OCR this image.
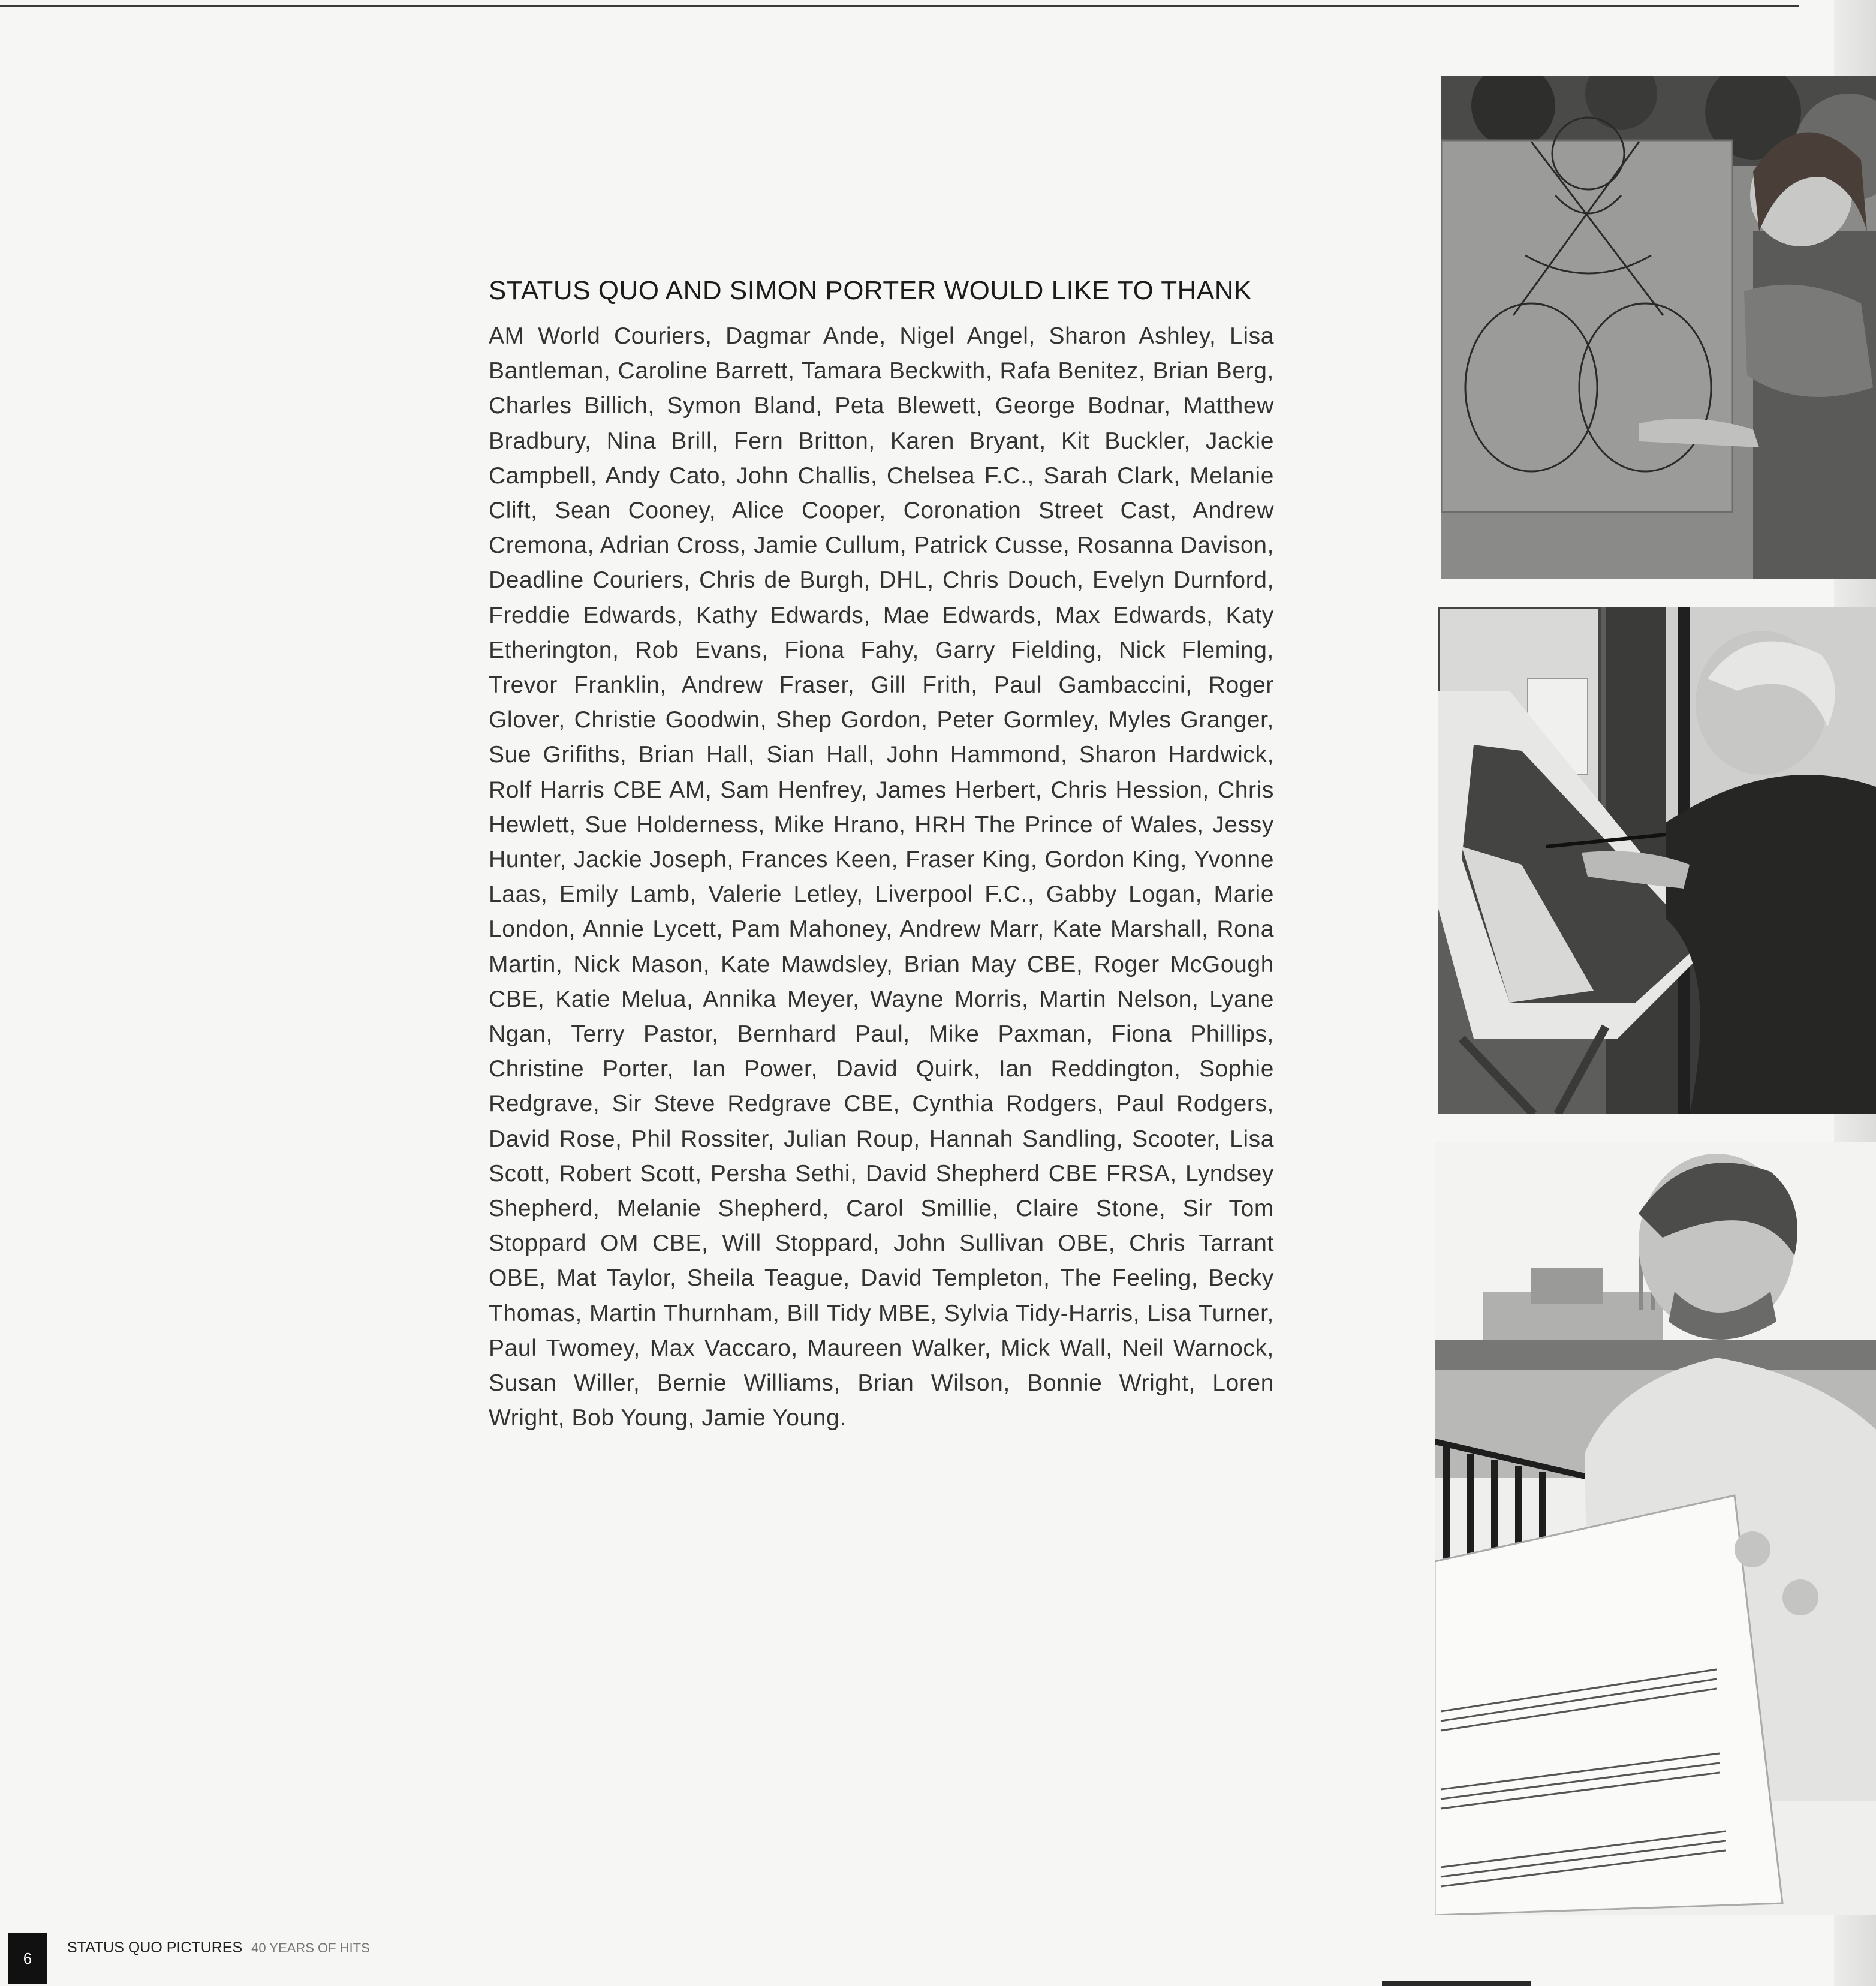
STATUS QUO AND SIMON PORTER WOULD LIKE TO THANK

AM World Couriers, Dagmar Ande, Nigel Angel, Sharon Ashley, Lisa Bantleman, Caroline Barrett, Tamara Beckwith, Rafa Benitez, Brian Berg, Charles Billich, Symon Bland, Peta Blewett, George Bodnar, Matthew Bradbury, Nina Brill, Fern Britton, Karen Bryant, Kit Buckler, Jackie Campbell, Andy Cato, John Challis, Chelsea F.C., Sarah Clark, Melanie Clift, Sean Cooney, Alice Cooper, Coronation Street Cast, Andrew Cremona, Adrian Cross, Jamie Cullum, Patrick Cusse, Rosanna Davison, Deadline Couriers, Chris de Burgh, DHL, Chris Douch, Evelyn Durnford, Freddie Edwards, Kathy Edwards, Mae Edwards, Max Edwards, Katy Etherington, Rob Evans, Fiona Fahy, Garry Fielding, Nick Fleming, Trevor Franklin, Andrew Fraser, Gill Frith, Paul Gambaccini, Roger Glover, Christie Goodwin, Shep Gordon, Peter Gormley, Myles Granger, Sue Grifiths, Brian Hall, Sian Hall, John Hammond, Sharon Hardwick, Rolf Harris CBE AM, Sam Henfrey, James Herbert, Chris Hession, Chris Hewlett, Sue Holderness, Mike Hrano, HRH The Prince of Wales, Jessy Hunter, Jackie Joseph, Frances Keen, Fraser King, Gordon King, Yvonne Laas, Emily Lamb, Valerie Letley, Liverpool F.C., Gabby Logan, Marie London, Annie Lycett, Pam Mahoney, Andrew Marr, Kate Marshall, Rona Martin, Nick Mason, Kate Mawdsley, Brian May CBE, Roger McGough CBE, Katie Melua, Annika Meyer, Wayne Morris, Martin Nelson, Lyane Ngan, Terry Pastor, Bernhard Paul, Mike Paxman, Fiona Phillips, Christine Porter, Ian Power, David Quirk, Ian Reddington, Sophie Redgrave, Sir Steve Redgrave CBE, Cynthia Rodgers, Paul Rodgers, David Rose, Phil Rossiter, Julian Roup, Hannah Sandling, Scooter, Lisa Scott, Robert Scott, Persha Sethi, David Shepherd CBE FRSA, Lyndsey Shepherd, Melanie Shepherd, Carol Smillie, Claire Stone, Sir Tom Stoppard OM CBE, Will Stoppard, John Sullivan OBE, Chris Tarrant OBE, Mat Taylor, Sheila Teague, David Templeton, The Feeling, Becky Thomas, Martin Thurnham, Bill Tidy MBE, Sylvia Tidy-Harris, Lisa Turner, Paul Twomey, Max Vaccaro, Maureen Walker, Mick Wall, Neil Warnock, Susan Willer, Bernie Williams, Brian Wilson, Bonnie Wright, Loren Wright, Bob Young, Jamie Young.

6
STATUS QUO PICTURES 40 YEARS OF HITS
